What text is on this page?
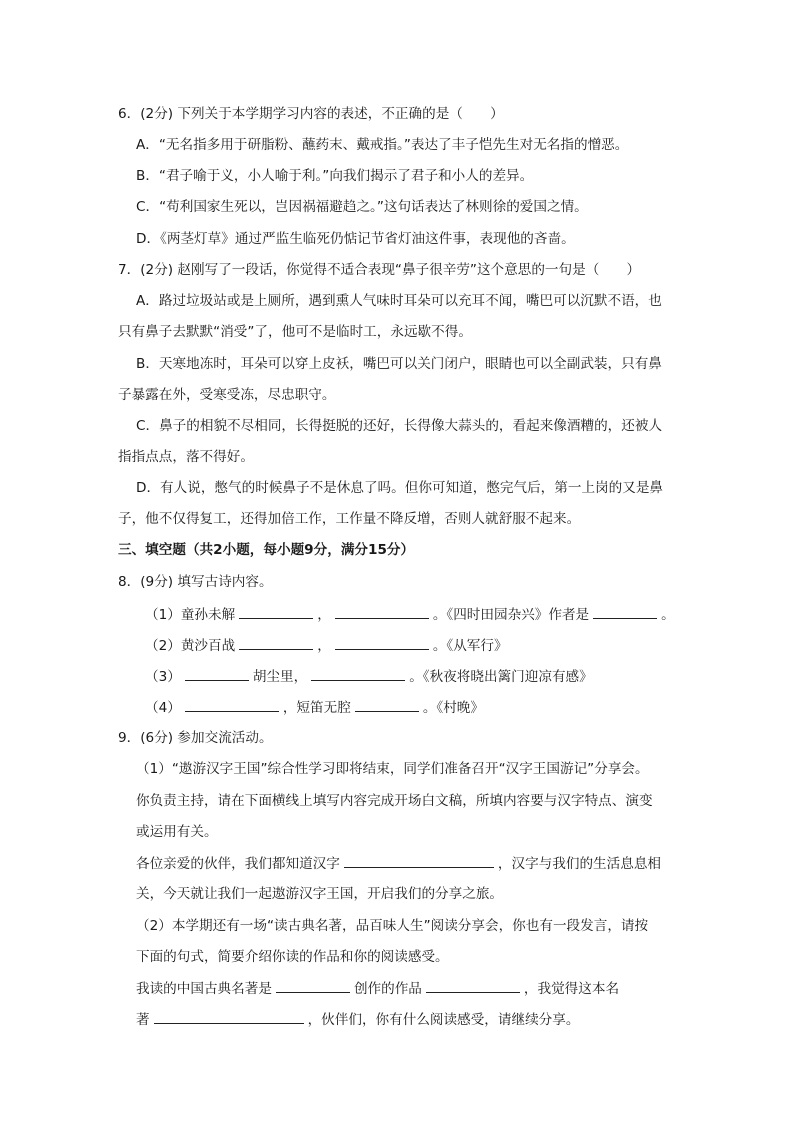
6．(2分) 下列关于本学期学习内容的表述，不正确的是（　　）

A．“无名指多用于研脂粉、蘸药末、戴戒指。”表达了丰子恺先生对无名指的憎恶。

B．“君子喻于义，小人喻于利。”向我们揭示了君子和小人的差异。

C．“苟利国家生死以，岂因祸福避趋之。”这句话表达了林则徐的爱国之情。

D．《两茎灯草》通过严监生临死仍惦记节省灯油这件事，表现他的吝啬。

7．(2分) 赵刚写了一段话，你觉得不适合表现“鼻子很辛劳”这个意思的一句是（　　）

A．路过垃圾站或是上厕所，遇到熏人气味时耳朵可以充耳不闻，嘴巴可以沉默不语，也

只有鼻子去默默“消受”了，他可不是临时工，永远歇不得。

B．天寒地冻时，耳朵可以穿上皮袄，嘴巴可以关门闭户，眼睛也可以全副武装，只有鼻

子暴露在外，受寒受冻，尽忠职守。

C．鼻子的相貌不尽相同，长得挺脱的还好，长得像大蒜头的，看起来像酒糟的，还被人

指指点点，落不得好。

D．有人说，憋气的时候鼻子不是休息了吗。但你可知道，憋完气后，第一上岗的又是鼻

子，他不仅得复工，还得加倍工作，工作量不降反增，否则人就舒服不起来。

三、填空题（共2小题，每小题9分，满分15分）

8．(9分) 填写古诗内容。

（1）童孙未解	，	。《四时田园杂兴》作者是	。

（2）黄沙百战	，	。《从军行》

（3）	胡尘里，	。《秋夜将晓出篱门迎凉有感》

（4）	，短笛无腔	。《村晚》

9．(6分) 参加交流活动。

（1）“遨游汉字王国”综合性学习即将结束，同学们准备召开“汉字王国游记”分享会。

你负责主持，请在下面横线上填写内容完成开场白文稿，所填内容要与汉字特点、演变

或运用有关。

各位亲爱的伙伴，我们都知道汉字	，汉字与我们的生活息息相

关，今天就让我们一起遨游汉字王国，开启我们的分享之旅。

（2）本学期还有一场“读古典名著，品百味人生”阅读分享会，你也有一段发言，请按

下面的句式，简要介绍你读的作品和你的阅读感受。

我读的中国古典名著是	创作的作品	，我觉得这本名

著	，伙伴们，你有什么阅读感受，请继续分享。
